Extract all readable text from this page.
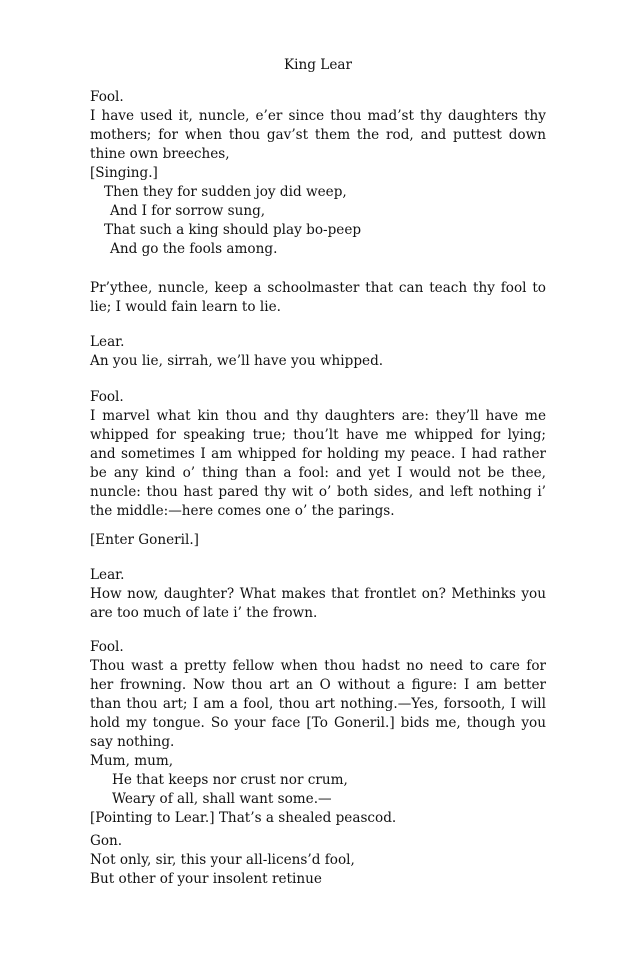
King Lear

Fool.

I have used it, nuncle, e’er since thou mad’st thy daughters thy mothers; for when thou gav’st them the rod, and puttest down thine own breeches,

[Singing.]

Then they for sudden joy did weep,

And I for sorrow sung,

That such a king should play bo-peep

And go the fools among.

Pr’ythee, nuncle, keep a schoolmaster that can teach thy fool to lie; I would fain learn to lie.

Lear.

An you lie, sirrah, we’ll have you whipped.

Fool.

I marvel what kin thou and thy daughters are: they’ll have me whipped for speaking true; thou’lt have me whipped for lying; and sometimes I am whipped for holding my peace. I had rather be any kind o’ thing than a fool: and yet I would not be thee, nuncle: thou hast pared thy wit o’ both sides, and left nothing i’ the middle:—here comes one o’ the parings.

[Enter Goneril.]

Lear.

How now, daughter? What makes that frontlet on? Methinks you are too much of late i’ the frown.

Fool.

Thou wast a pretty fellow when thou hadst no need to care for her frowning. Now thou art an O without a figure: I am better than thou art; I am a fool, thou art nothing.—Yes, forsooth, I will hold my tongue. So your face [To Goneril.] bids me, though you say nothing.

Mum, mum,

He that keeps nor crust nor crum,

Weary of all, shall want some.—

[Pointing to Lear.] That’s a shealed peascod.

Gon.

Not only, sir, this your all-licens’d fool,

But other of your insolent retinue
